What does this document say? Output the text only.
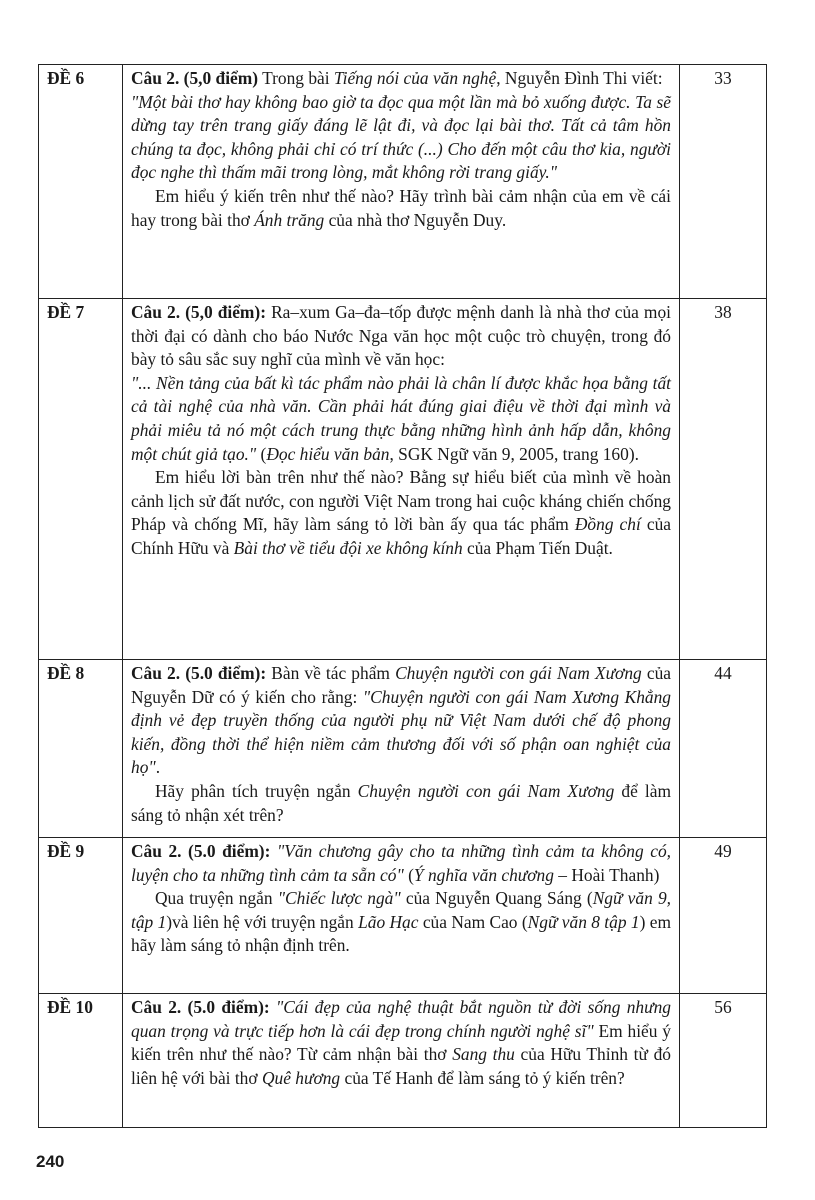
ĐỀ 6	Câu 2. (5,0 điểm) Trong bài Tiếng nói của văn nghệ, Nguyễn Đình Thi viết:

"Một bài thơ hay không bao giờ ta đọc qua một lần mà bỏ xuống được. Ta sẽ dừng tay trên trang giấy đáng lẽ lật đi, và đọc lại bài thơ. Tất cả tâm hồn chúng ta đọc, không phải chỉ có trí thức (...) Cho đến một câu thơ kia, người đọc nghe thì thấm mãi trong lòng, mắt không rời trang giấy."

Em hiểu ý kiến trên như thế nào? Hãy trình bài cảm nhận của em về cái hay trong bài thơ Ánh trăng của nhà thơ Nguyễn Duy.	33
ĐỀ 7	Câu 2. (5,0 điểm): Ra–xum Ga–đa–tốp được mệnh danh là nhà thơ của mọi thời đại có dành cho báo Nước Nga văn học một cuộc trò chuyện, trong đó bày tỏ sâu sắc suy nghĩ của mình về văn học:

"... Nền tảng của bất kì tác phẩm nào phải là chân lí được khắc họa bằng tất cả tài nghệ của nhà văn. Cần phải hát đúng giai điệu về thời đại mình và phải miêu tả nó một cách trung thực bằng những hình ảnh hấp dẫn, không một chút giả tạo." (Đọc hiểu văn bản, SGK Ngữ văn 9, 2005, trang 160).

Em hiểu lời bàn trên như thế nào? Bằng sự hiểu biết của mình về hoàn cảnh lịch sử đất nước, con người Việt Nam trong hai cuộc kháng chiến chống Pháp và chống Mĩ, hãy làm sáng tỏ lời bàn ấy qua tác phẩm Đồng chí của Chính Hữu và Bài thơ về tiểu đội xe không kính của Phạm Tiến Duật.	38
ĐỀ 8	Câu 2. (5.0 điểm): Bàn về tác phẩm Chuyện người con gái Nam Xương của Nguyễn Dữ có ý kiến cho rằng: "Chuyện người con gái Nam Xương Khẳng định vẻ đẹp truyền thống của người phụ nữ Việt Nam dưới chế độ phong kiến, đồng thời thể hiện niềm cảm thương đối với số phận oan nghiệt của họ".

Hãy phân tích truyện ngắn Chuyện người con gái Nam Xương để làm sáng tỏ nhận xét trên?	44
ĐỀ 9	Câu 2. (5.0 điểm): "Văn chương gây cho ta những tình cảm ta không có, luyện cho ta những tình cảm ta sẵn có" (Ý nghĩa văn chương – Hoài Thanh)

Qua truyện ngắn "Chiếc lược ngà" của Nguyễn Quang Sáng (Ngữ văn 9, tập 1)và liên hệ với truyện ngắn Lão Hạc của Nam Cao (Ngữ văn 8 tập 1) em hãy làm sáng tỏ nhận định trên.	49
ĐỀ 10	Câu 2. (5.0 điểm): "Cái đẹp của nghệ thuật bắt nguồn từ đời sống nhưng quan trọng và trực tiếp hơn là cái đẹp trong chính người nghệ sĩ" Em hiểu ý kiến trên như thế nào? Từ cảm nhận bài thơ Sang thu của Hữu Thỉnh từ đó liên hệ với bài thơ Quê hương của Tế Hanh để làm sáng tỏ ý kiến trên?	56
240
